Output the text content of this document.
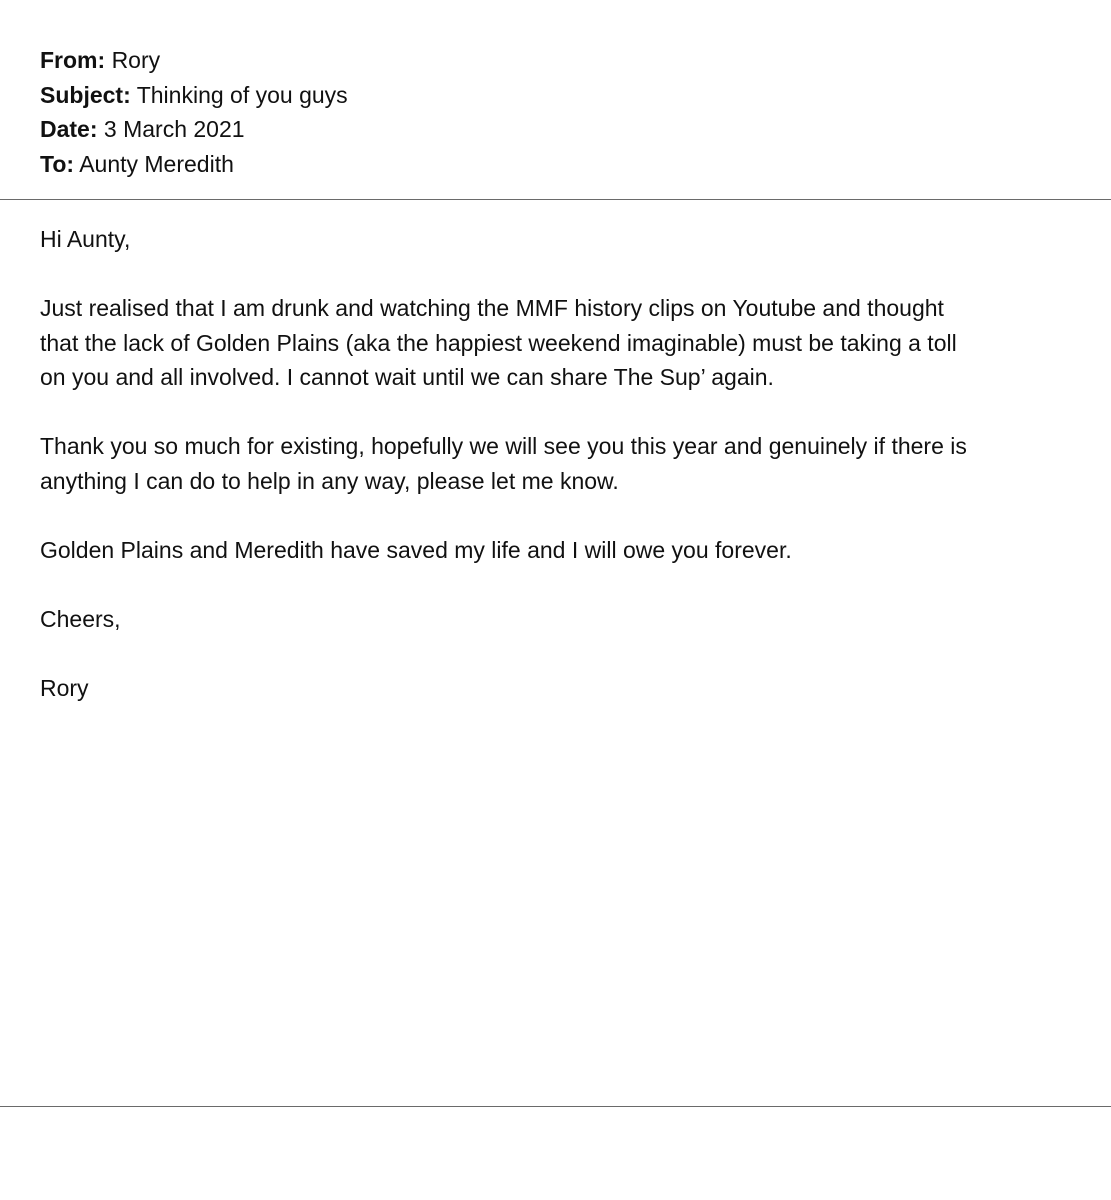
From: Rory
Subject: Thinking of you guys
Date: 3 March 2021
To: Aunty Meredith

Hi Aunty,

Just realised that I am drunk and watching the MMF history clips on Youtube and thought
that the lack of Golden Plains (aka the happiest weekend imaginable) must be taking a toll
on you and all involved. I cannot wait until we can share The Sup’ again.

Thank you so much for existing, hopefully we will see you this year and genuinely if there is
anything I can do to help in any way, please let me know.

Golden Plains and Meredith have saved my life and I will owe you forever.

Cheers,

Rory
